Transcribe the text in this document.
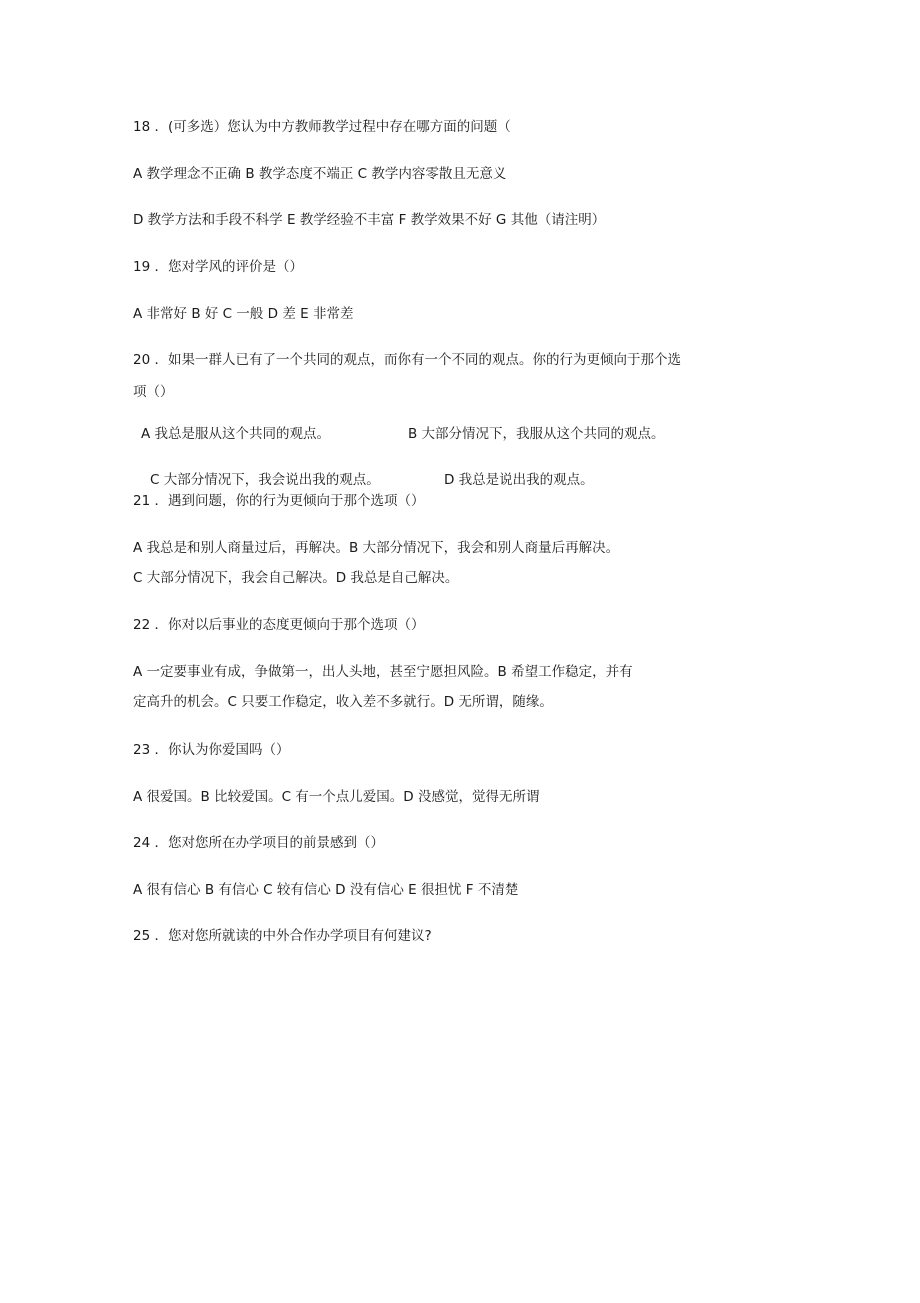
18 ．(可多选）您认为中方教师教学过程中存在哪方面的问题（
A 教学理念不正确 B 教学态度不端正 C 教学内容零散且无意义
D 教学方法和手段不科学 E 教学经验不丰富 F 教学效果不好 G 其他（请注明）
19 ．您对学风的评价是（）
A 非常好 B 好 C 一般 D 差 E 非常差
20 ．如果一群人已有了一个共同的观点，而你有一个不同的观点。你的行为更倾向于那个选
项（）
A 我总是服从这个共同的观点。	B 大部分情况下，我服从这个共同的观点。
C 大部分情况下，我会说出我的观点。	D 我总是说出我的观点。
21 ．遇到问题，你的行为更倾向于那个选项（）
A 我总是和别人商量过后，再解决。B 大部分情况下，我会和别人商量后再解决。
C 大部分情况下，我会自己解决。D 我总是自己解决。
22 ．你对以后事业的态度更倾向于那个选项（）
A 一定要事业有成，争做第一，出人头地，甚至宁愿担风险。B 希望工作稳定，并有
定高升的机会。C 只要工作稳定，收入差不多就行。D 无所谓，随缘。
23 ．你认为你爱国吗（）
A 很爱国。B 比较爱国。C 有一个点儿爱国。D 没感觉，觉得无所谓
24 ．您对您所在办学项目的前景感到（）
A 很有信心 B 有信心 C 较有信心 D 没有信心 E 很担忧 F 不清楚
25 ．您对您所就读的中外合作办学项目有何建议?
